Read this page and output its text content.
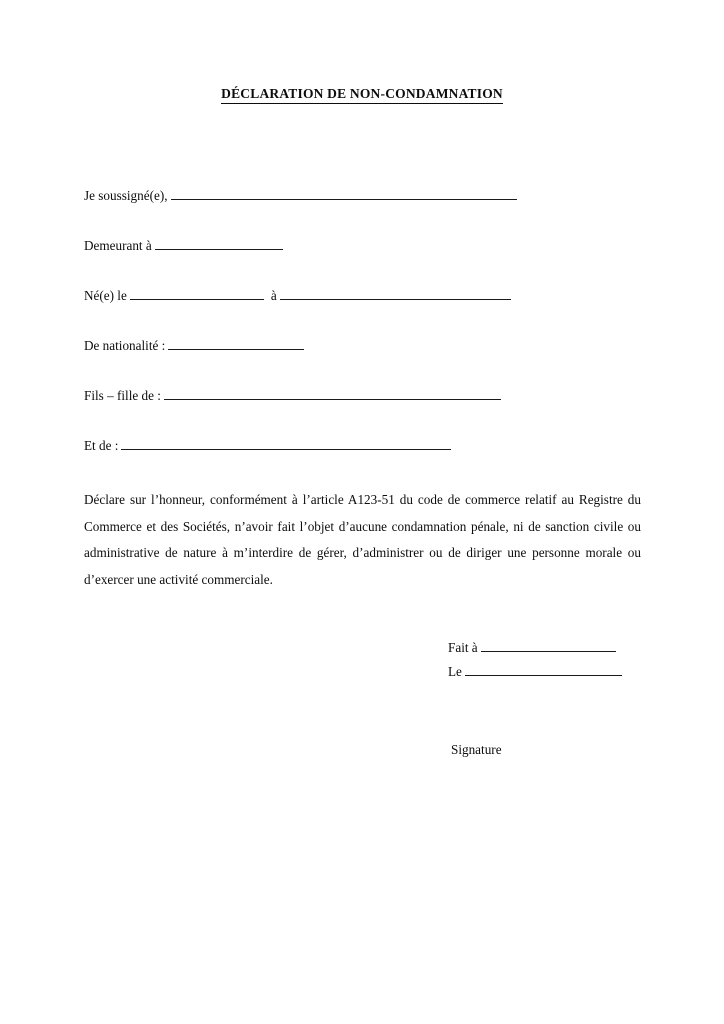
DÉCLARATION DE NON-CONDAMNATION
Je soussigné(e),
Demeurant à
Né(e) le	à
De nationalité :
Fils – fille de :
Et de :

Déclare sur l’honneur, conformément à l’article A123-51 du code de commerce relatif au Registre du Commerce et des Sociétés, n’avoir fait l’objet d’aucune condamnation pénale, ni de sanction civile ou administrative de nature à m’interdire de gérer, d’administrer ou de diriger une personne morale ou d’exercer une activité commerciale.

Fait à
Le
Signature
